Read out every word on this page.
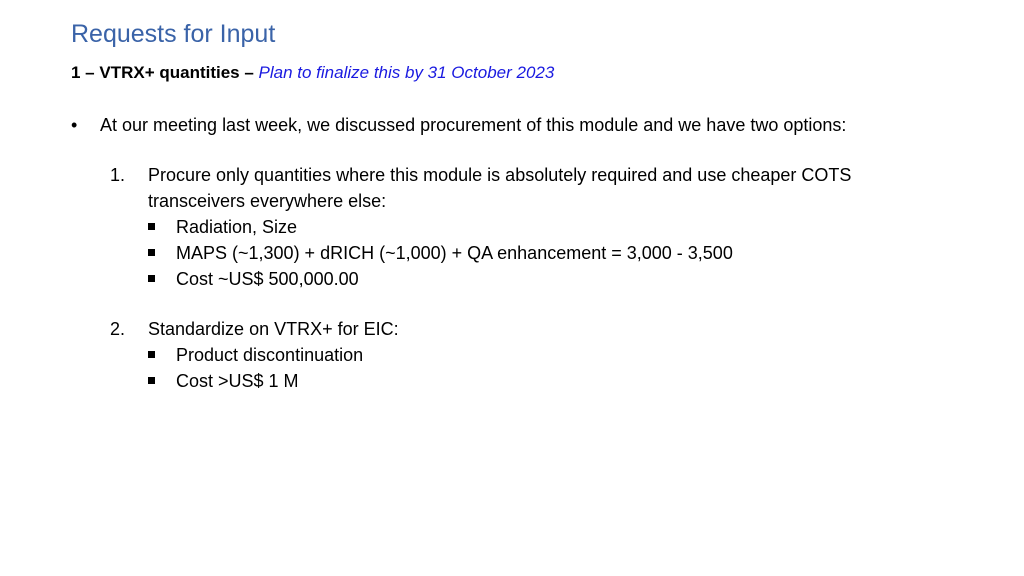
Requests for Input
1 – VTRX+ quantities – Plan to finalize this by 31 October 2023
•	At our meeting last week, we discussed procurement of this module and we have two options:
1. Procure only quantities where this module is absolutely required and use cheaper COTS
transceivers everywhere else:
Radiation, Size
MAPS (~1,300) + dRICH (~1,000) + QA enhancement = 3,000 - 3,500
Cost ~US$ 500,000.00
2. Standardize on VTRX+ for EIC:
Product discontinuation
Cost >US$ 1 M
